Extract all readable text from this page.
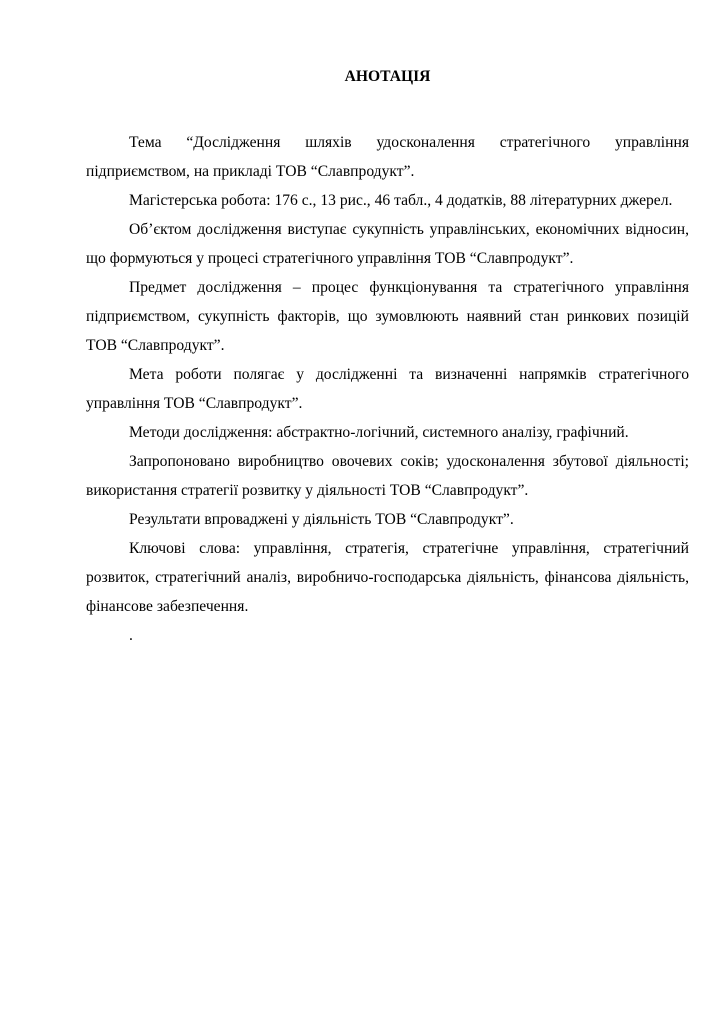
АНОТАЦІЯ

Тема “Дослідження шляхів удосконалення стратегічного управління підприємством, на прикладі ТОВ “Славпродукт”.

Магістерська робота: 176 с., 13 рис., 46 табл., 4 додатків, 88 літературних джерел.

Об’єктом дослідження виступає сукупність управлінських, економічних відносин, що формуються у процесі стратегічного управління ТОВ “Славпродукт”.

Предмет дослідження – процес функціонування та стратегічного управління підприємством, сукупність факторів, що зумовлюють наявний стан ринкових позицій ТОВ “Славпродукт”.

Мета роботи полягає у дослідженні та визначенні напрямків стратегічного управління ТОВ “Славпродукт”.

Методи дослідження: абстрактно-логічний, системного аналізу, графічний.

Запропоновано виробництво овочевих соків; удосконалення збутової діяльності; використання стратегії розвитку у діяльності ТОВ “Славпродукт”.

Результати впроваджені у діяльність ТОВ “Славпродукт”.

Ключові слова: управління, стратегія, стратегічне управління, стратегічний розвиток, стратегічний аналіз, виробничо-господарська діяльність, фінансова діяльність, фінансове забезпечення.

.
